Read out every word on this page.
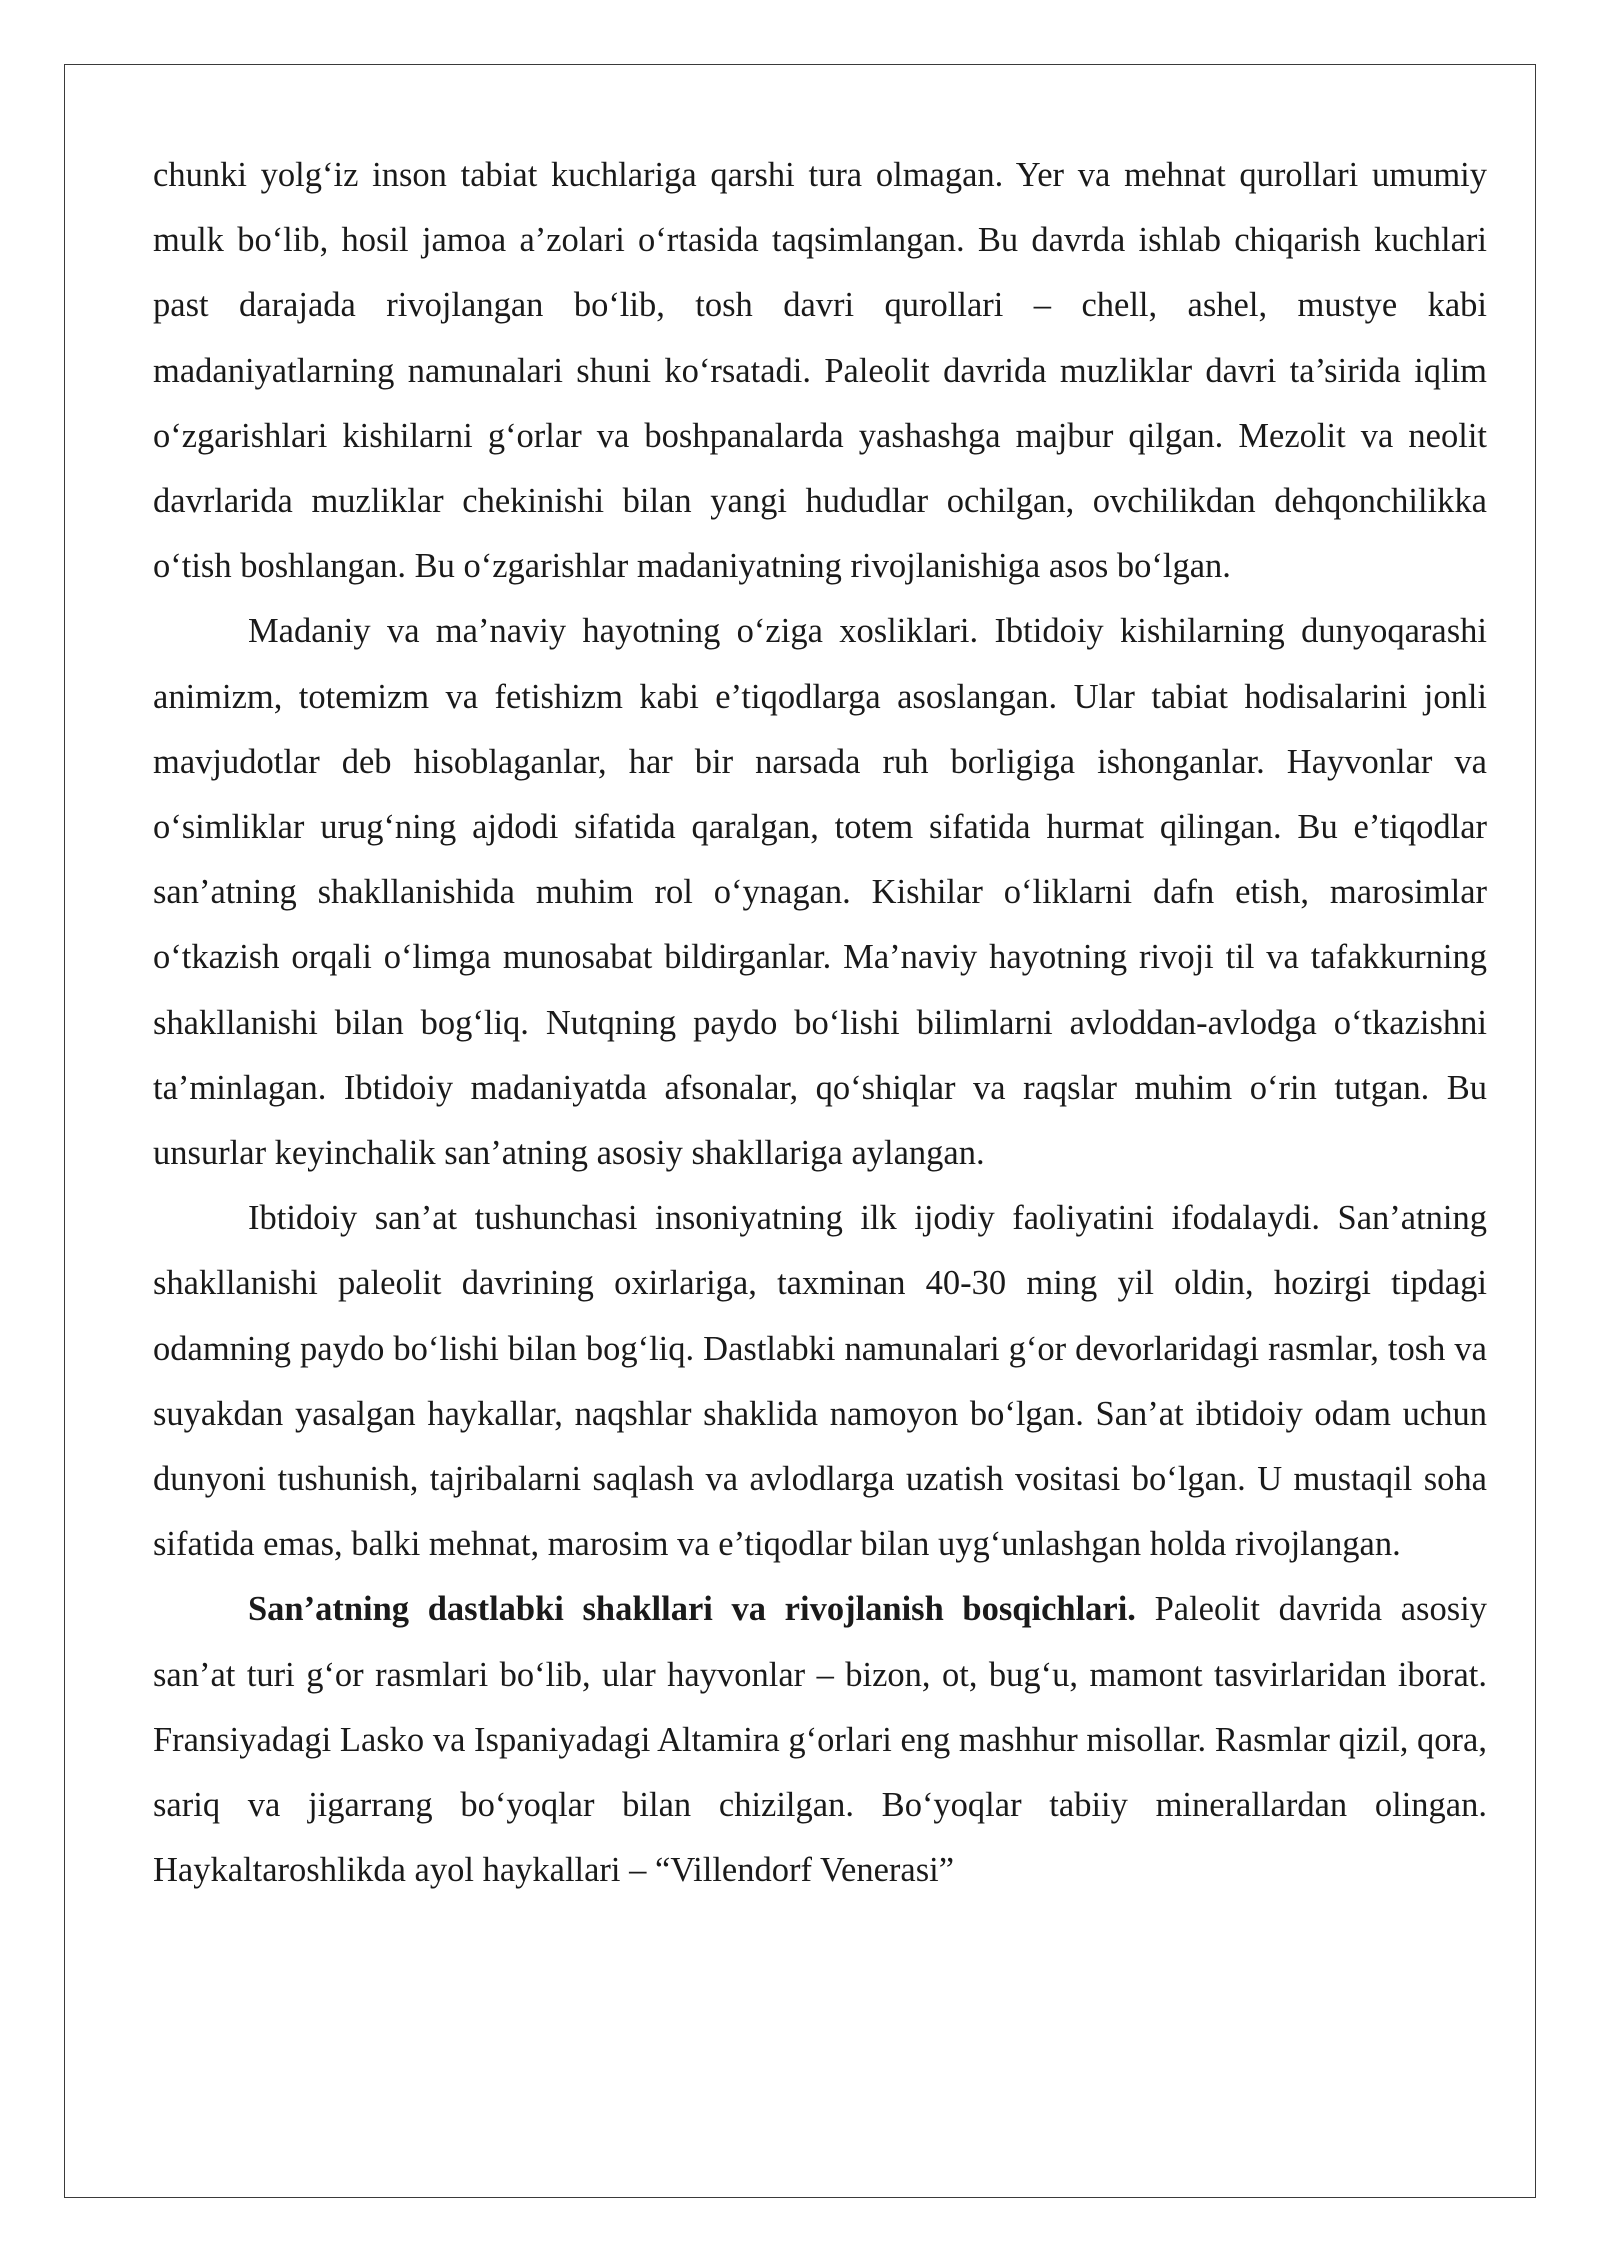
chunki yolg‘iz inson tabiat kuchlariga qarshi tura olmagan. Yer va mehnat qurollari umumiy mulk bo‘lib, hosil jamoa a’zolari o‘rtasida taqsimlangan. Bu davrda ishlab chiqarish kuchlari past darajada rivojlangan bo‘lib, tosh davri qurollari – chell, ashel, mustye kabi madaniyatlarning namunalari shuni ko‘rsatadi. Paleolit davrida muzliklar davri ta’sirida iqlim o‘zgarishlari kishilarni g‘orlar va boshpanalarda yashashga majbur qilgan. Mezolit va neolit davrlarida muzliklar chekinishi bilan yangi hududlar ochilgan, ovchilikdan dehqonchilikka o‘tish boshlangan. Bu o‘zgarishlar madaniyatning rivojlanishiga asos bo‘lgan.

Madaniy va ma’naviy hayotning o‘ziga xosliklari. Ibtidoiy kishilarning dunyoqarashi animizm, totemizm va fetishizm kabi e’tiqodlarga asoslangan. Ular tabiat hodisalarini jonli mavjudotlar deb hisoblaganlar, har bir narsada ruh borligiga ishonganlar. Hayvonlar va o‘simliklar urug‘ning ajdodi sifatida qaralgan, totem sifatida hurmat qilingan. Bu e’tiqodlar san’atning shakllanishida muhim rol o‘ynagan. Kishilar o‘liklarni dafn etish, marosimlar o‘tkazish orqali o‘limga munosabat bildirganlar. Ma’naviy hayotning rivoji til va tafakkurning shakllanishi bilan bog‘liq. Nutqning paydo bo‘lishi bilimlarni avloddan-avlodga o‘tkazishni ta’minlagan. Ibtidoiy madaniyatda afsonalar, qo‘shiqlar va raqslar muhim o‘rin tutgan. Bu unsurlar keyinchalik san’atning asosiy shakllariga aylangan.

Ibtidoiy san’at tushunchasi insoniyatning ilk ijodiy faoliyatini ifodalaydi. San’atning shakllanishi paleolit davrining oxirlariga, taxminan 40-30 ming yil oldin, hozirgi tipdagi odamning paydo bo‘lishi bilan bog‘liq. Dastlabki namunalari g‘or devorlaridagi rasmlar, tosh va suyakdan yasalgan haykallar, naqshlar shaklida namoyon bo‘lgan. San’at ibtidoiy odam uchun dunyoni tushunish, tajribalarni saqlash va avlodlarga uzatish vositasi bo‘lgan. U mustaqil soha sifatida emas, balki mehnat, marosim va e’tiqodlar bilan uyg‘unlashgan holda rivojlangan.

San’atning dastlabki shakllari va rivojlanish bosqichlari. Paleolit davrida asosiy san’at turi g‘or rasmlari bo‘lib, ular hayvonlar – bizon, ot, bug‘u, mamont tasvirlaridan iborat. Fransiyadagi Lasko va Ispaniyadagi Altamira g‘orlari eng mashhur misollar. Rasmlar qizil, qora, sariq va jigarrang bo‘yoqlar bilan chizilgan. Bo‘yoqlar tabiiy minerallardan olingan. Haykaltaroshlikda ayol haykallari – “Villendorf Venerasi”
